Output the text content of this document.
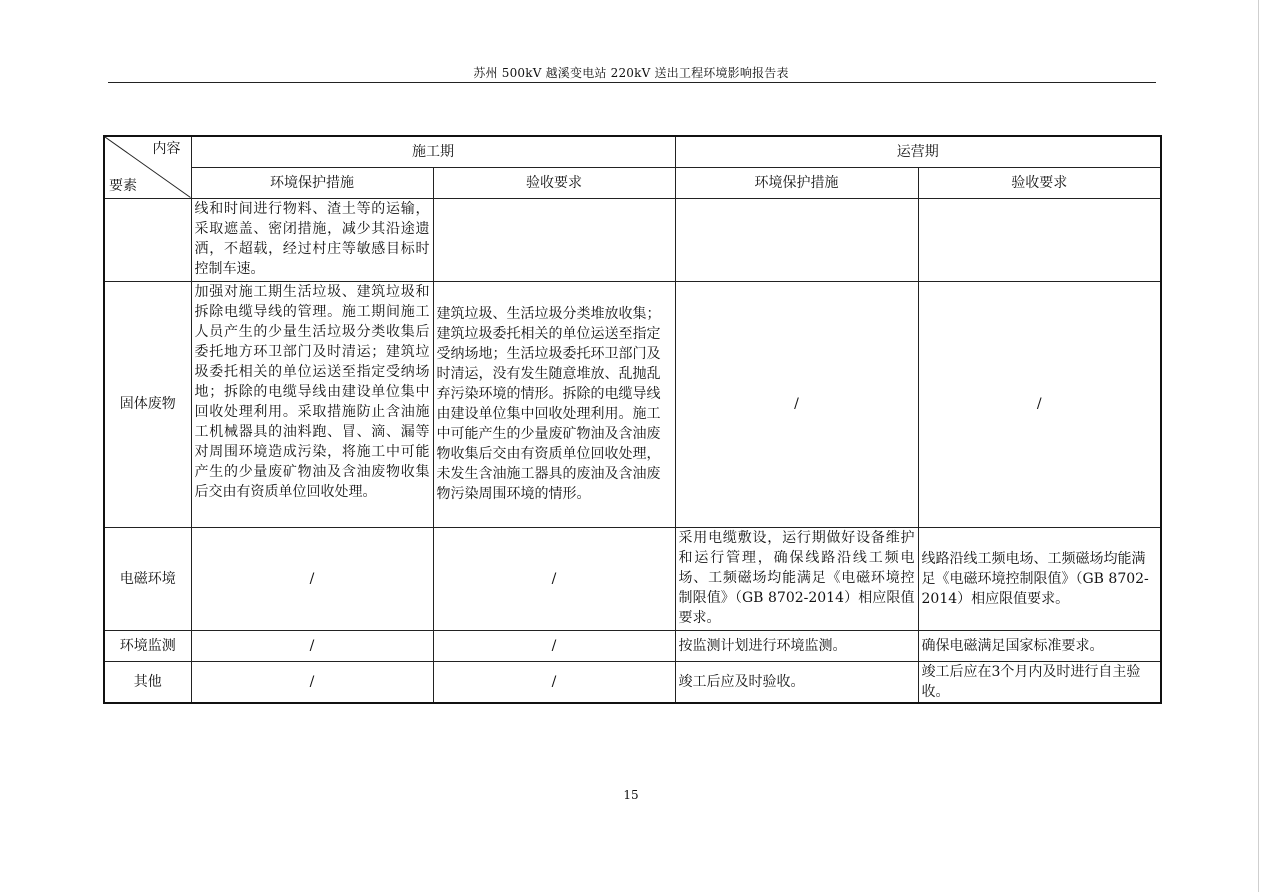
苏州 500kV 越溪变电站 220kV 送出工程环境影响报告表
内容
要素	施工期		运营期	
	环境保护措施	验收要求	环境保护措施	验收要求
	线和时间进行物料、渣土等的运输，采取遮盖、密闭措施，减少其沿途遗洒，不超载，经过村庄等敏感目标时控制车速。			
固体废物	加强对施工期生活垃圾、建筑垃圾和拆除电缆导线的管理。施工期间施工人员产生的少量生活垃圾分类收集后委托地方环卫部门及时清运；建筑垃圾委托相关的单位运送至指定受纳场地；拆除的电缆导线由建设单位集中回收处理利用。采取措施防止含油施工机械器具的油料跑、冒、滴、漏等对周围环境造成污染，将施工中可能产生的少量废矿物油及含油废物收集后交由有资质单位回收处理。	建筑垃圾、生活垃圾分类堆放收集；建筑垃圾委托相关的单位运送至指定受纳场地；生活垃圾委托环卫部门及时清运，没有发生随意堆放、乱抛乱弃污染环境的情形。拆除的电缆导线由建设单位集中回收处理利用。施工中可能产生的少量废矿物油及含油废物收集后交由有资质单位回收处理，未发生含油施工器具的废油及含油废物污染周围环境的情形。	/	/
电磁环境	/	/	采用电缆敷设，运行期做好设备维护和运行管理，确保线路沿线工频电场、工频磁场均能满足《电磁环境控制限值》（GB 8702-2014）相应限值要求。	线路沿线工频电场、工频磁场均能满足《电磁环境控制限值》（GB 8702-2014）相应限值要求。
环境监测	/	/	按监测计划进行环境监测。	确保电磁满足国家标准要求。
其他	/	/	竣工后应及时验收。	竣工后应在3个月内及时进行自主验收。
15
